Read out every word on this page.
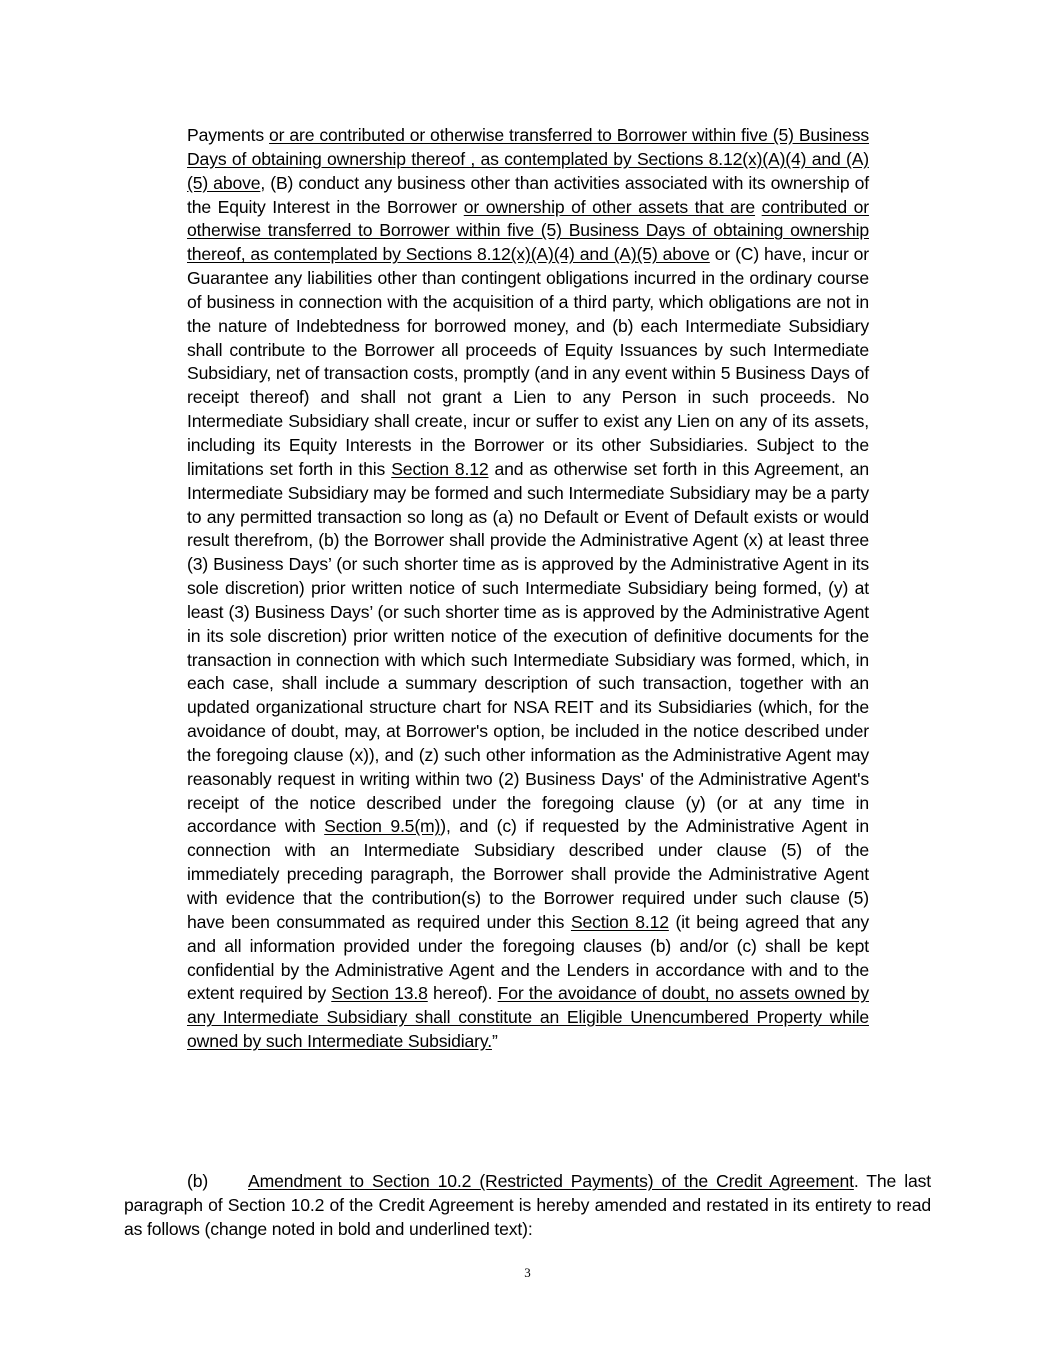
Payments or are contributed or otherwise transferred to Borrower within five (5) Business Days of obtaining ownership thereof , as contemplated by Sections 8.12(x)(A)(4) and (A)(5) above, (B) conduct any business other than activities associated with its ownership of the Equity Interest in the Borrower or ownership of other assets that are contributed or otherwise transferred to Borrower within five (5) Business Days of obtaining ownership thereof, as contemplated by Sections 8.12(x)(A)(4) and (A)(5) above or (C) have, incur or Guarantee any liabilities other than contingent obligations incurred in the ordinary course of business in connection with the acquisition of a third party, which obligations are not in the nature of Indebtedness for borrowed money, and (b) each Intermediate Subsidiary shall contribute to the Borrower all proceeds of Equity Issuances by such Intermediate Subsidiary, net of transaction costs, promptly (and in any event within 5 Business Days of receipt thereof) and shall not grant a Lien to any Person in such proceeds. No Intermediate Subsidiary shall create, incur or suffer to exist any Lien on any of its assets, including its Equity Interests in the Borrower or its other Subsidiaries. Subject to the limitations set forth in this Section 8.12 and as otherwise set forth in this Agreement, an Intermediate Subsidiary may be formed and such Intermediate Subsidiary may be a party to any permitted transaction so long as (a) no Default or Event of Default exists or would result therefrom, (b) the Borrower shall provide the Administrative Agent (x) at least three (3) Business Days’ (or such shorter time as is approved by the Administrative Agent in its sole discretion) prior written notice of such Intermediate Subsidiary being formed, (y) at least (3) Business Days’ (or such shorter time as is approved by the Administrative Agent in its sole discretion) prior written notice of the execution of definitive documents for the transaction in connection with which such Intermediate Subsidiary was formed, which, in each case, shall include a summary description of such transaction, together with an updated organizational structure chart for NSA REIT and its Subsidiaries (which, for the avoidance of doubt, may, at Borrower's option, be included in the notice described under the foregoing clause (x)), and (z) such other information as the Administrative Agent may reasonably request in writing within two (2) Business Days' of the Administrative Agent's receipt of the notice described under the foregoing clause (y) (or at any time in accordance with Section 9.5(m)), and (c) if requested by the Administrative Agent in connection with an Intermediate Subsidiary described under clause (5) of the immediately preceding paragraph, the Borrower shall provide the Administrative Agent with evidence that the contribution(s) to the Borrower required under such clause (5) have been consummated as required under this Section 8.12 (it being agreed that any and all information provided under the foregoing clauses (b) and/or (c) shall be kept confidential by the Administrative Agent and the Lenders in accordance with and to the extent required by Section 13.8 hereof). For the avoidance of doubt, no assets owned by any Intermediate Subsidiary shall constitute an Eligible Unencumbered Property while owned by such Intermediate Subsidiary.”
(b) Amendment to Section 10.2 (Restricted Payments) of the Credit Agreement. The last paragraph of Section 10.2 of the Credit Agreement is hereby amended and restated in its entirety to read as follows (change noted in bold and underlined text):
3
